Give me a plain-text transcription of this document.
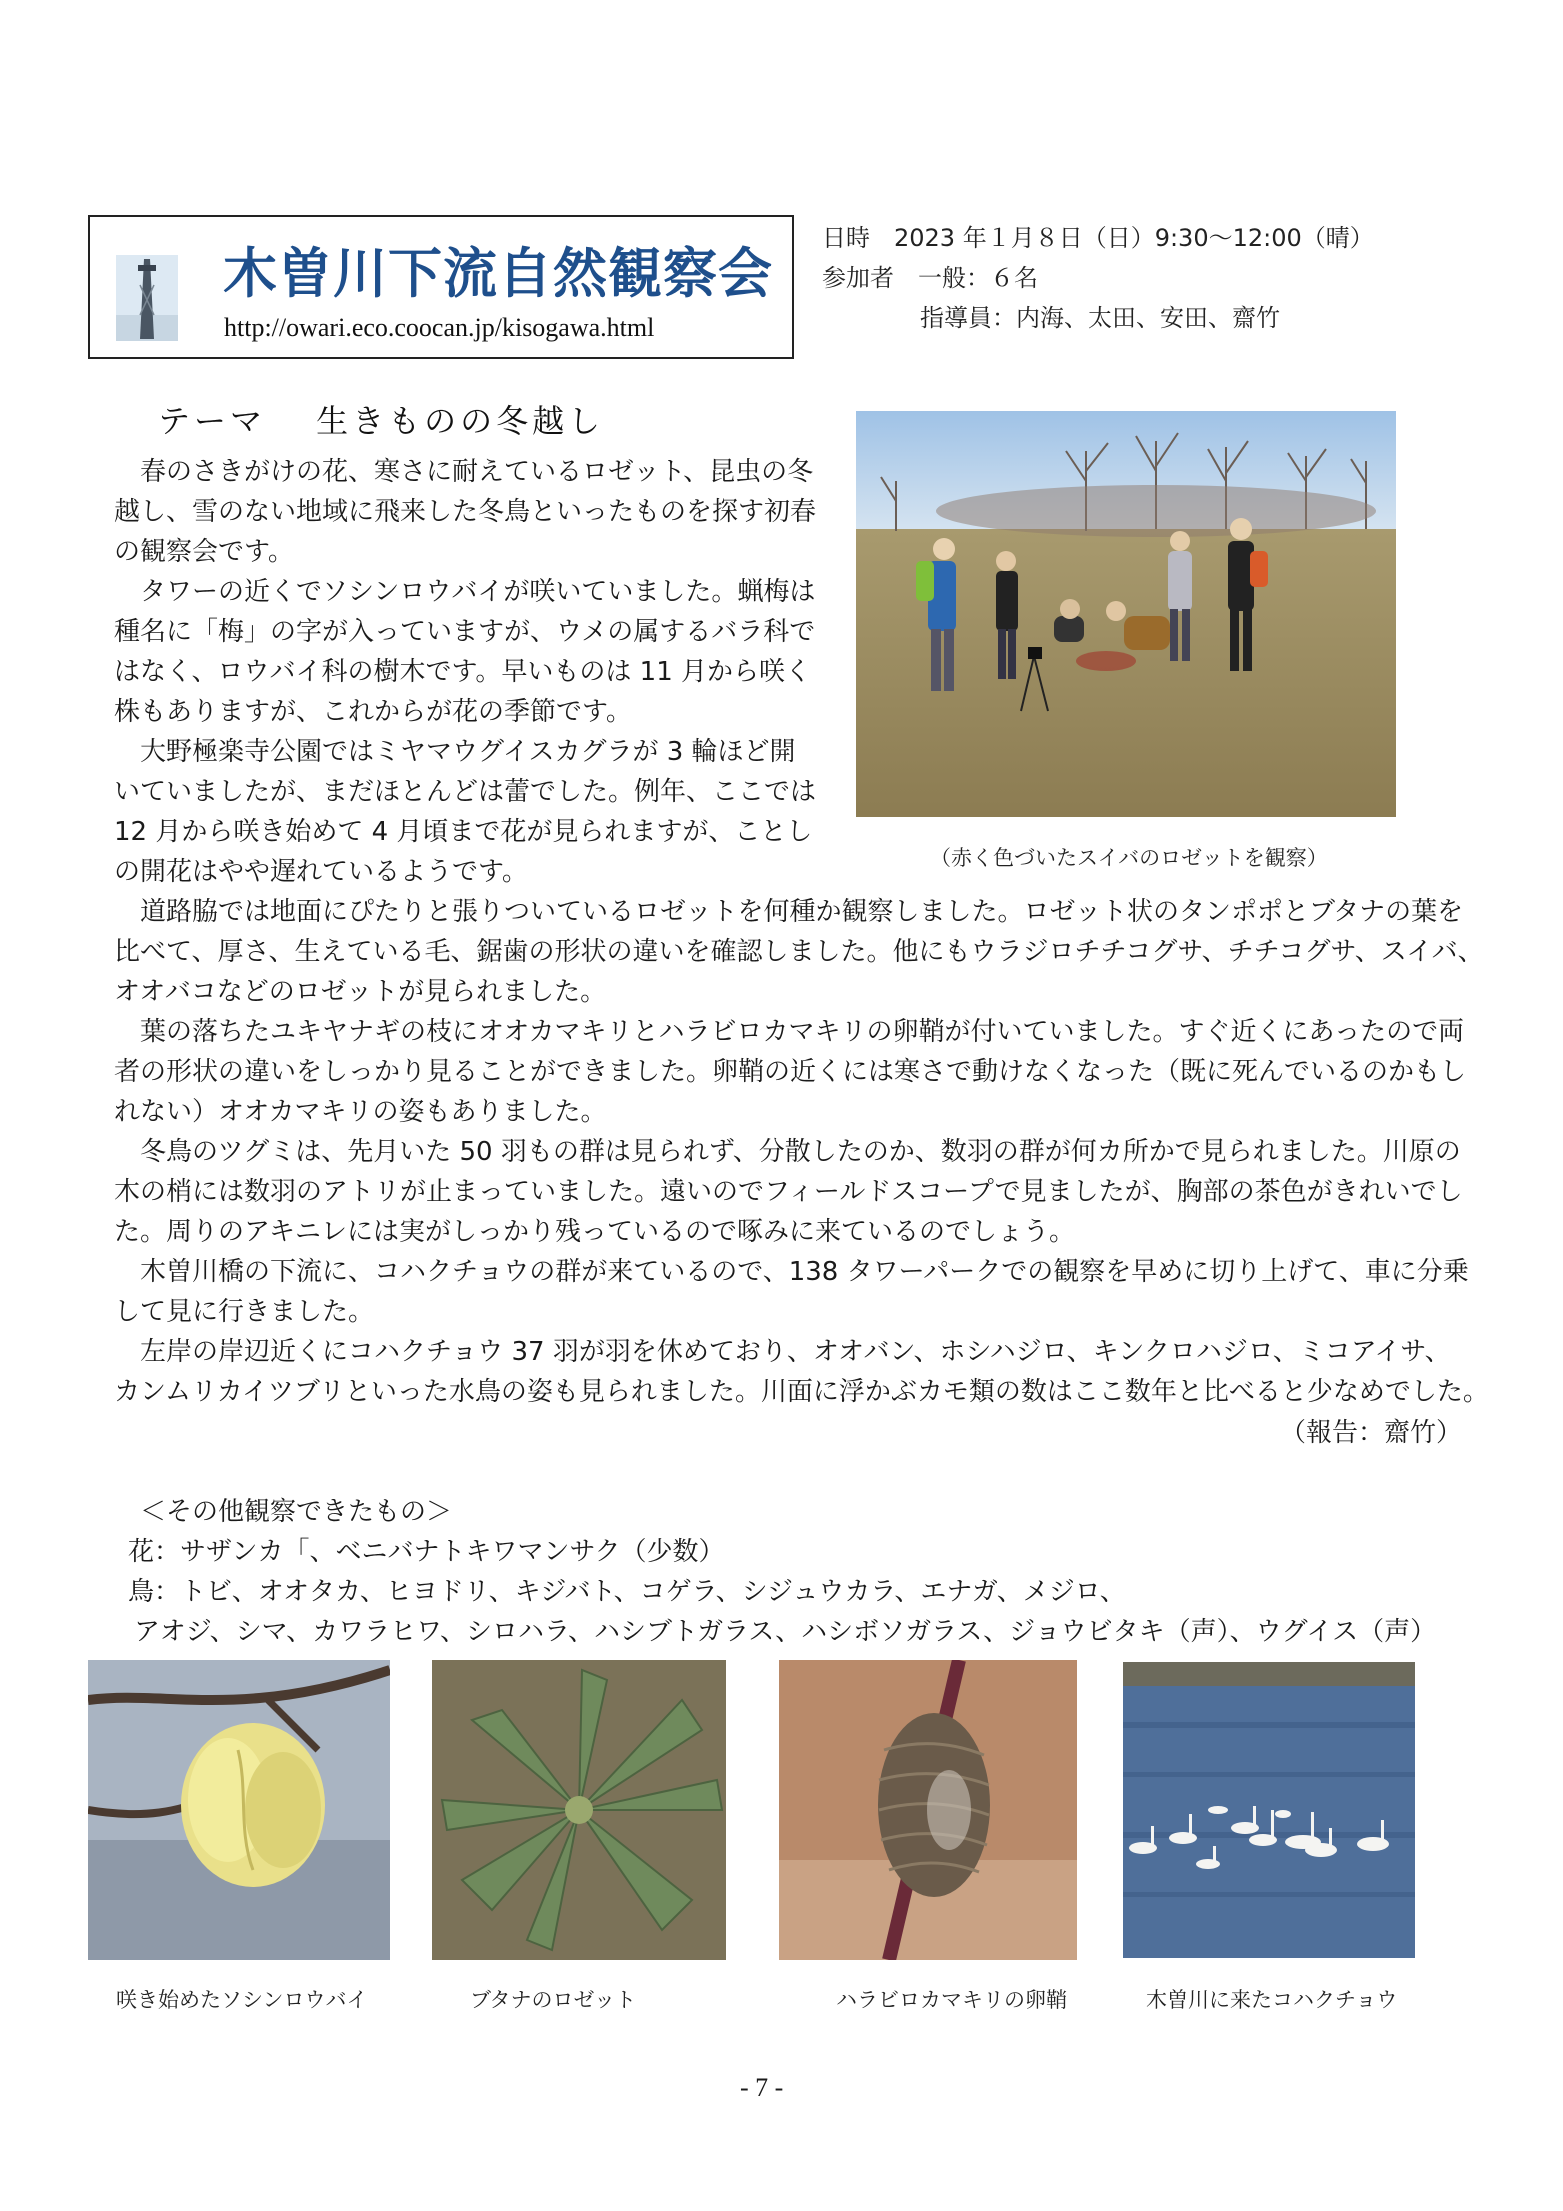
木曽川下流自然観察会
http://owari.eco.coocan.jp/kisogawa.html
日時　2023 年１月８日（日）9:30～12:00（晴）
参加者　一般：６名
指導員：内海、太田、安田、齋竹
テーマ　 生きものの冬越し
（赤く色づいたスイバのロゼットを観察）
　春のさきがけの花、寒さに耐えているロゼット、昆虫の冬
越し、雪のない地域に飛来した冬鳥といったものを探す初春
の観察会です。
　タワーの近くでソシンロウバイが咲いていました。蝋梅は
種名に「梅」の字が入っていますが、ウメの属するバラ科で
はなく、ロウバイ科の樹木です。早いものは 11 月から咲く
株もありますが、これからが花の季節です。
　大野極楽寺公園ではミヤマウグイスカグラが 3 輪ほど開
いていましたが、まだほとんどは蕾でした。例年、ここでは
12 月から咲き始めて 4 月頃まで花が見られますが、ことし
の開花はやや遅れているようです。
　道路脇では地面にぴたりと張りついているロゼットを何種か観察しました。ロゼット状のタンポポとブタナの葉を
比べて、厚さ、生えている毛、鋸歯の形状の違いを確認しました。他にもウラジロチチコグサ、チチコグサ、スイバ、
オオバコなどのロゼットが見られました。
　葉の落ちたユキヤナギの枝にオオカマキリとハラビロカマキリの卵鞘が付いていました。すぐ近くにあったので両
者の形状の違いをしっかり見ることができました。卵鞘の近くには寒さで動けなくなった（既に死んでいるのかもし
れない）オオカマキリの姿もありました。
　冬鳥のツグミは、先月いた 50 羽もの群は見られず、分散したのか、数羽の群が何カ所かで見られました。川原の
木の梢には数羽のアトリが止まっていました。遠いのでフィールドスコープで見ましたが、胸部の茶色がきれいでし
た。周りのアキニレには実がしっかり残っているので啄みに来ているのでしょう。
　木曽川橋の下流に、コハクチョウの群が来ているので、138 タワーパークでの観察を早めに切り上げて、車に分乗
して見に行きました。
　左岸の岸辺近くにコハクチョウ 37 羽が羽を休めており、オオバン、ホシハジロ、キンクロハジロ、ミコアイサ、
カンムリカイツブリといった水鳥の姿も見られました。川面に浮かぶカモ類の数はここ数年と比べると少なめでした。
（報告：齋竹）
＜その他観察できたもの＞
花：サザンカ「、ベニバナトキワマンサク（少数）
鳥：トビ、オオタカ、ヒヨドリ、キジバト、コゲラ、シジュウカラ、エナガ、メジロ、
アオジ、シマ、カワラヒワ、シロハラ、ハシブトガラス、ハシボソガラス、ジョウビタキ（声）、ウグイス（声）
咲き始めたソシンロウバイ	ブタナのロゼット	ハラビロカマキリの卵鞘	木曽川に来たコハクチョウ
- 7 -
